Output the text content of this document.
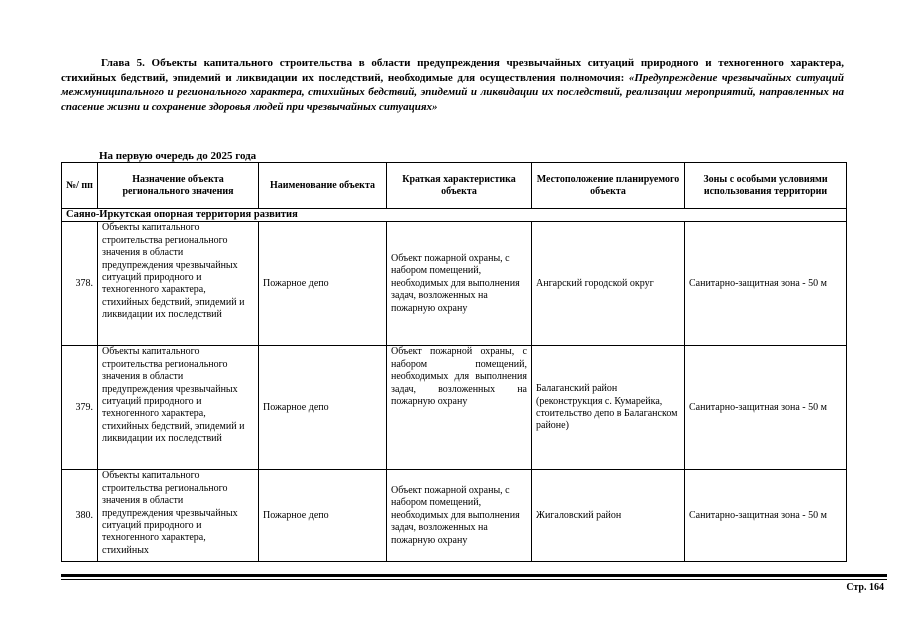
Глава 5. Объекты капитального строительства в области предупреждения чрезвычайных ситуаций природного и техногенного характера, стихийных бедствий, эпидемий и ликвидации их последствий, необходимые для осуществления полномочия: «Предупреждение чрезвычайных ситуаций межмуниципального и регионального характера, стихийных бедствий, эпидемий и ликвидации их последствий, реализации мероприятий, направленных на спасение жизни и сохранение здоровья людей при чрезвычайных ситуациях»
На первую очередь до 2025 года
№/ пп	Назначение объекта регионального значения	Наименование объекта	Краткая характеристика объекта	Местоположение планируемого объекта	Зоны с особыми условиями использования территории
Саяно-Иркутская опорная территория развития					
378.	Объекты капитального строительства регионального значения в области предупреждения чрезвычайных ситуаций природного и техногенного характера, стихийных бедствий, эпидемий и ликвидации их последствий	Пожарное депо	Объект пожарной охраны, с набором помещений, необходимых для выполнения задач, возложенных на пожарную охрану	Ангарский городской округ	Санитарно-защитная зона - 50 м
379.	Объекты капитального строительства регионального значения в области предупреждения чрезвычайных ситуаций природного и техногенного характера, стихийных бедствий, эпидемий и ликвидации их последствий	Пожарное депо	Объект пожарной охраны, с набором помещений, необходимых для выполнения задач, возложенных на пожарную охрану	Балаганский район (реконструкция с. Кумарейка, стоительство депо в Балаганском районе)	Санитарно-защитная зона - 50 м
380.	Объекты капитального строительства регионального значения в области предупреждения чрезвычайных ситуаций природного и техногенного характера, стихийных	Пожарное депо	Объект пожарной охраны, с набором помещений, необходимых для выполнения задач, возложенных на пожарную охрану	Жигаловский район	Санитарно-защитная зона - 50 м
Стр. 164
